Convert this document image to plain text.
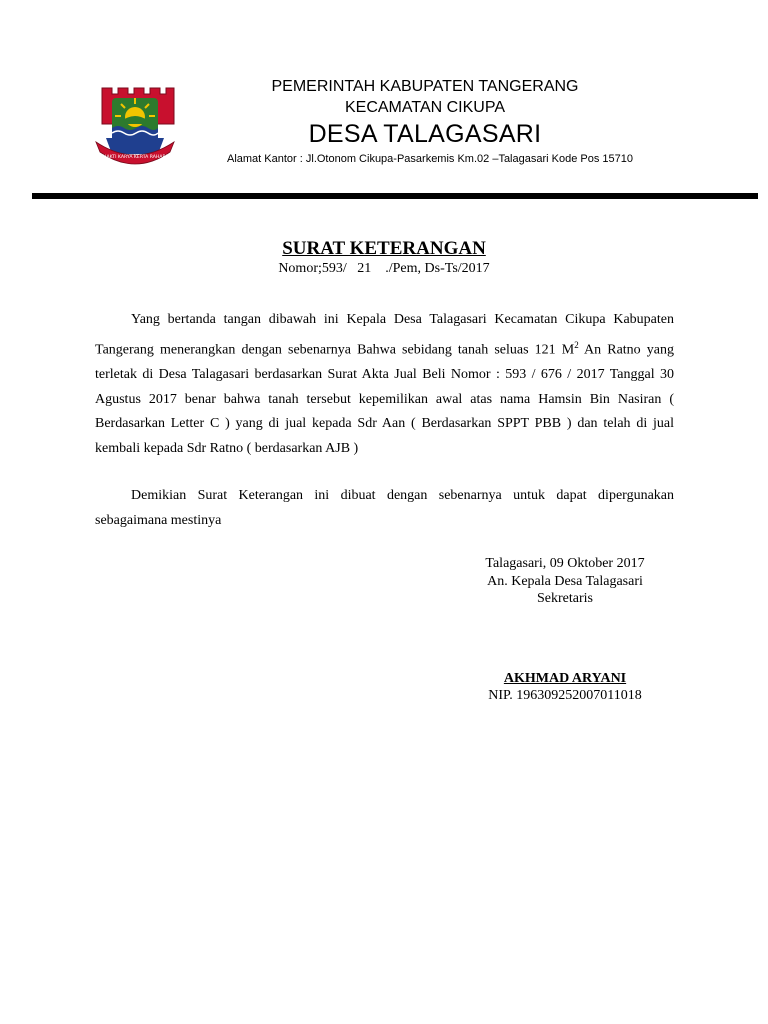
BHAKTI KARYA KERTA RAHARJA
PEMERINTAH KABUPATEN TANGERANG
KECAMATAN CIKUPA
DESA TALAGASARI
Alamat Kantor : Jl.Otonom Cikupa-Pasarkemis Km.02 –Talagasari Kode Pos 15710
SURAT KETERANGAN
Nomor;593/   21    ./Pem, Ds-Ts/2017
Yang bertanda tangan dibawah ini Kepala Desa Talagasari Kecamatan Cikupa Kabupaten Tangerang menerangkan dengan sebenarnya Bahwa sebidang tanah seluas 121 $M^2$ An Ratno yang terletak di Desa Talagasari berdasarkan Surat Akta Jual Beli Nomor : 593 / 676 / 2017 Tanggal 30 Agustus 2017 benar bahwa tanah tersebut kepemilikan awal atas nama Hamsin Bin Nasiran ( Berdasarkan Letter C ) yang di jual kepada Sdr Aan ( Berdasarkan SPPT PBB ) dan telah di jual kembali kepada Sdr Ratno ( berdasarkan AJB )
Demikian Surat Keterangan ini dibuat dengan sebenarnya untuk dapat dipergunakan sebagaimana mestinya
Talagasari, 09 Oktober 2017
An. Kepala Desa Talagasari
Sekretaris
AKHMAD ARYANI
NIP. 196309252007011018
